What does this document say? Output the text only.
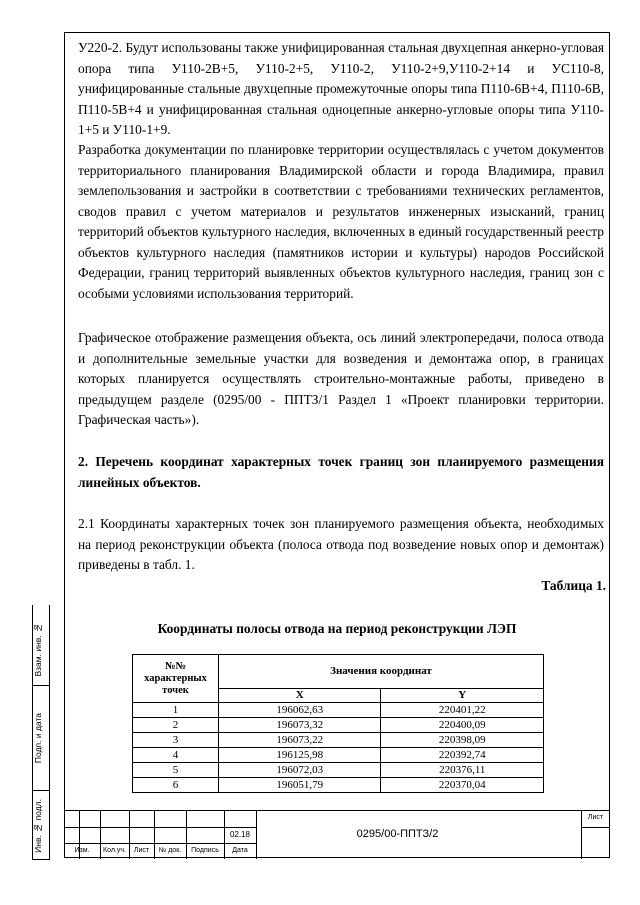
У220-2. Будут использованы также унифицированная стальная двухцепная анкерно-угловая опора типа У110-2В+5, У110-2+5, У110-2, У110-2+9,У110-2+14 и УС110-8, унифицированные стальные двухцепные промежуточные опоры типа П110-6В+4, П110-6В, П110-5В+4 и унифицированная стальная одноцепные анкерно-угловые опоры типа У110-1+5 и У110-1+9.

Разработка документации по планировке территории осуществлялась с учетом документов территориального планирования Владимирской области и города Владимира, правил землепользования и застройки в соответствии с требованиями технических регламентов, сводов правил с учетом материалов и результатов инженерных изысканий, границ территорий объектов культурного наследия, включенных в единый государственный реестр объектов культурного наследия (памятников истории и культуры) народов Российской Федерации, границ территорий выявленных объектов культурного наследия, границ зон с особыми условиями использования территорий.

Графическое отображение размещения объекта, ось линий электропередачи, полоса отвода и дополнительные земельные участки для возведения и демонтажа опор, в границах которых планируется осуществлять строительно-монтажные работы, приведено в предыдущем разделе (0295/00 - ППТЗ/1 Раздел 1 «Проект планировки территории. Графическая часть»).

2. Перечень координат характерных точек границ зон планируемого размещения линейных объектов.

2.1 Координаты характерных точек зон планируемого размещения объекта, необходимых на период реконструкции объекта (полоса отвода под возведение новых опор и демонтаж) приведены в табл. 1.

Таблица 1.
Координаты полосы отвода на период реконструкции ЛЭП
№№ характерных точек	Значения координат	
	X	Y
1	196062,63	220401,22
2	196073,32	220400,09
3	196073,22	220398,09
4	196125,98	220392,74
5	196072,03	220376,11
6	196051,79	220370,04
Взам. инв. №
Подп. и дата
Инв. № подл.	02.18
Лист
Изм.	Кол.уч.	Лист	№ док.	Подпись	Дата
0295/00-ППТЗ/2
